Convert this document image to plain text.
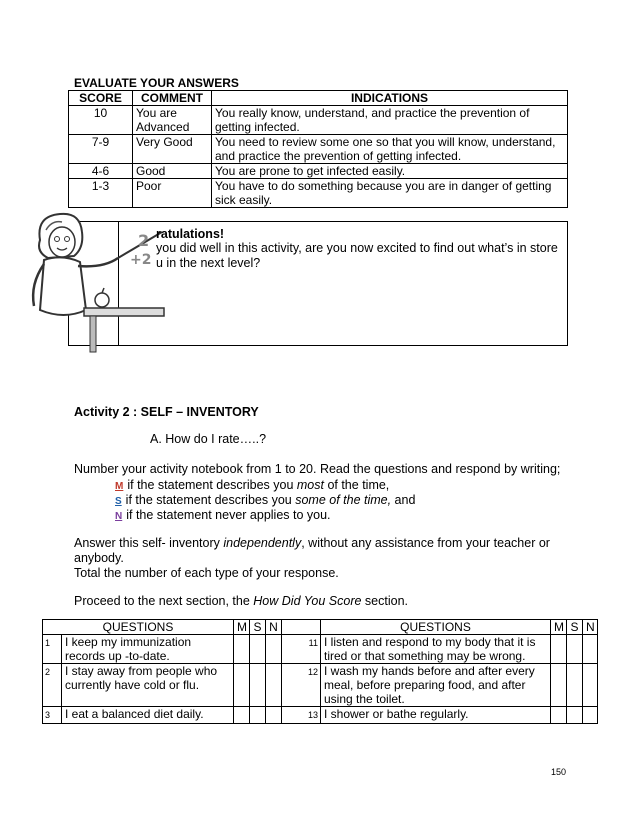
EVALUATE YOUR ANSWERS
SCORE	COMMENT	INDICATIONS
10	You are Advanced	You really know, understand, and practice the prevention of getting infected.
7-9	Very Good	You need to review some one so that you will know, understand, and practice the prevention of getting infected.
4-6	Good	You are prone to get infected easily.
1-3	Poor	You have to do something because you are in danger of getting sick easily.
2
+2
ratulations!
you did well in this activity, are you now excited to find out what’s in store
u in the next level?
Activity 2 : SELF – INVENTORY
A. How do I rate…..?
Number your activity notebook from 1 to 20. Read the questions and respond by writing;
M if the statement describes you most of the time,
S if the statement describes you some of the time, and
N if the statement never applies to you.
Answer this self- inventory independently, without any assistance from your teacher or anybody.
Total the number of each type of your response.
Proceed to the next section, the How Did You Score section.
QUESTIONS		M	S	N		QUESTIONS	M	S	N
1	I keep my immunization records up -to-date.				11	I listen and respond to my body that it is tired or that something may be wrong.			
2	I stay away from people who currently have cold or flu.				12	I wash my hands before and after every meal, before preparing food, and after using the toilet.			
3	I eat a balanced diet daily.				13	I shower or bathe regularly.			
150
